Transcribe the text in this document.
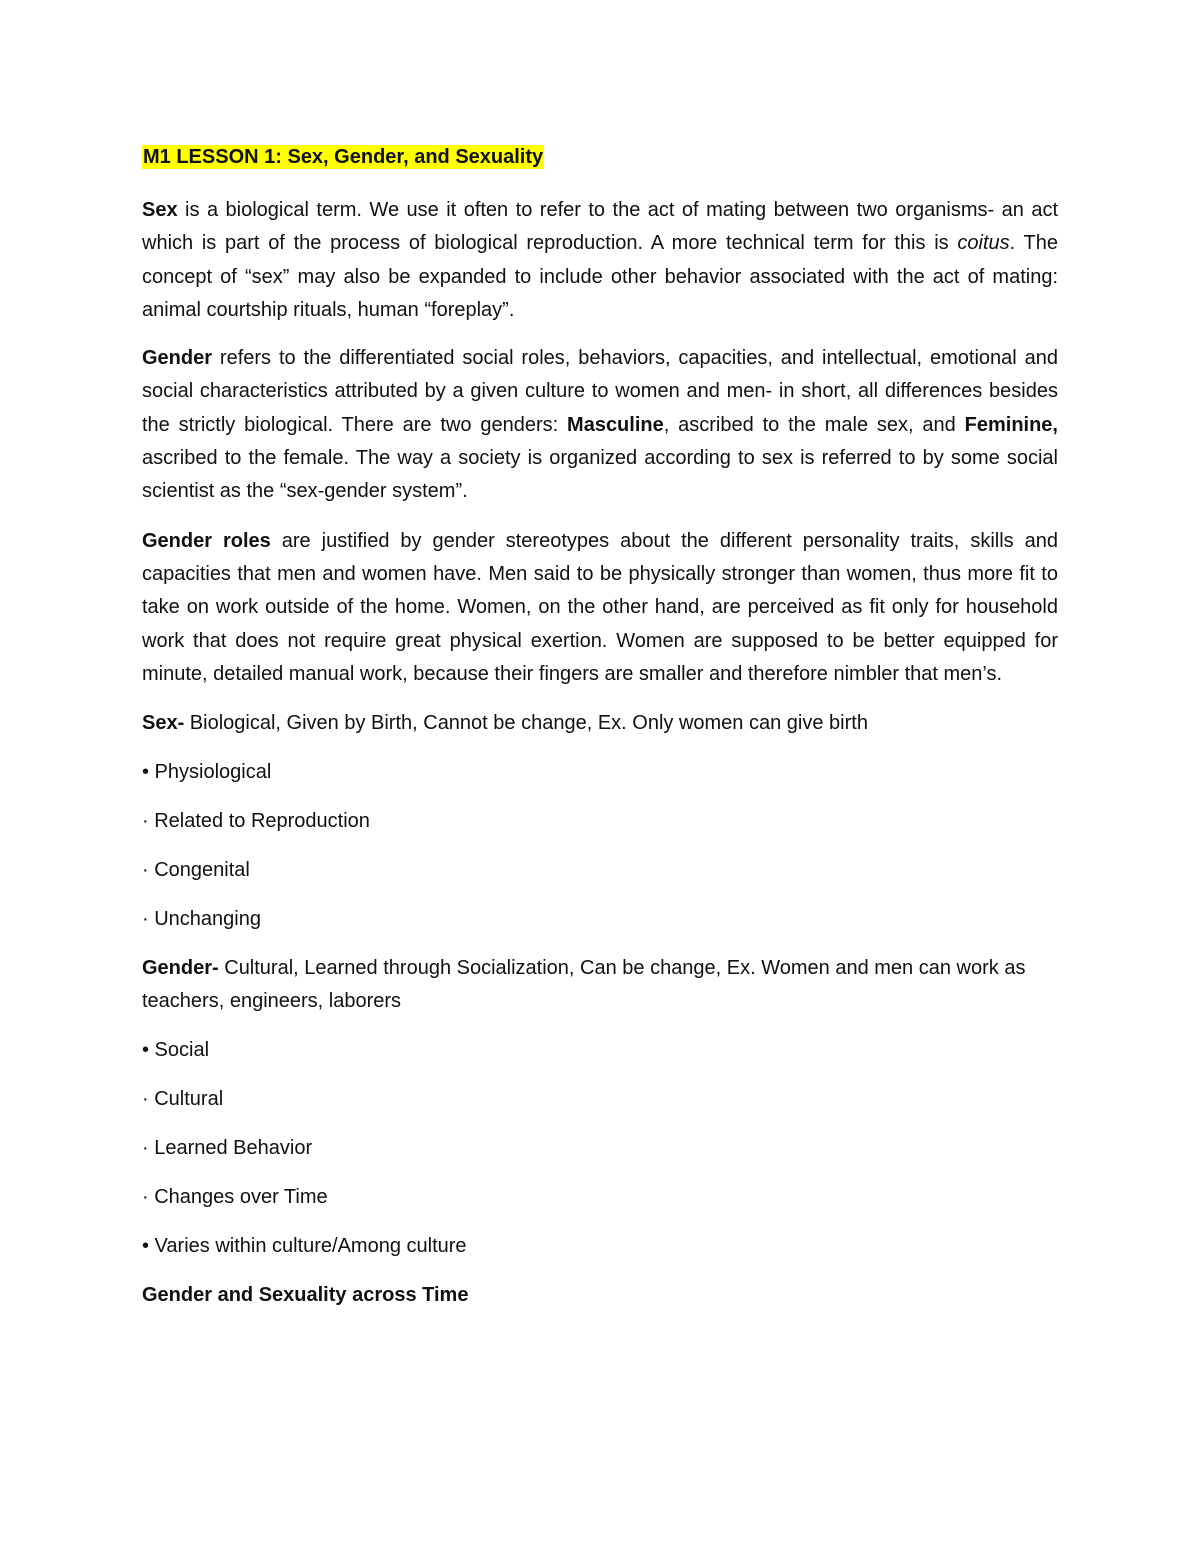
M1 LESSON 1: Sex, Gender, and Sexuality

Sex is a biological term. We use it often to refer to the act of mating between two organisms- an act which is part of the process of biological reproduction. A more technical term for this is coitus. The concept of “sex” may also be expanded to include other behavior associated with the act of mating: animal courtship rituals, human “foreplay”.

Gender refers to the differentiated social roles, behaviors, capacities, and intellectual, emotional and social characteristics attributed by a given culture to women and men- in short, all differences besides the strictly biological. There are two genders: Masculine, ascribed to the male sex, and Feminine, ascribed to the female. The way a society is organized according to sex is referred to by some social scientist as the “sex-gender system”.

Gender roles are justified by gender stereotypes about the different personality traits, skills and capacities that men and women have. Men said to be physically stronger than women, thus more fit to take on work outside of the home. Women, on the other hand, are perceived as fit only for household work that does not require great physical exertion. Women are supposed to be better equipped for minute, detailed manual work, because their fingers are smaller and therefore nimbler that men’s.

Sex- Biological, Given by Birth, Cannot be change, Ex. Only women can give birth

• Physiological

· Related to Reproduction

· Congenital

· Unchanging

Gender- Cultural, Learned through Socialization, Can be change, Ex. Women and men can work as teachers, engineers, laborers

• Social

· Cultural

· Learned Behavior

· Changes over Time

• Varies within culture/Among culture

Gender and Sexuality across Time
